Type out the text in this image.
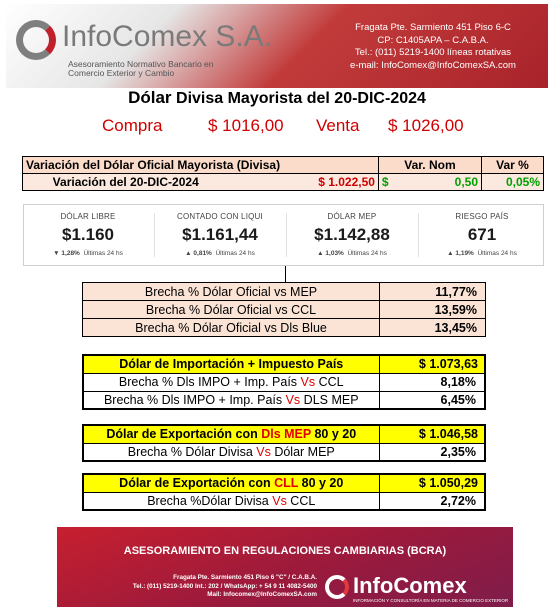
InfoComex S.A.
Asesoramiento Normativo Bancario en Comercio Exterior y Cambio
Fragata Pte. Sarmiento 451 Piso 6-C
CP: C1405APA – C.A.B.A.
Tel.: (011) 5219-1400 líneas rotativas
e-mail: InfoComex@InfoComexSA.com
Dólar Divisa Mayorista del 20-DIC-2024
Compra	$ 1016,00 Venta $ 1026,00
Variación del Dólar Oficial Mayorista (Divisa)		Var. Nom		Var %
Variación del 20-DIC-2024	$ 1.022,50	$	0,50	0,05%
DÓLAR LIBRE
$1.160
▼ 1,28% Últimas 24 hs
CONTADO CON LIQUI
$1.161,44
▲ 0,81% Últimas 24 hs
DÓLAR MEP
$1.142,88
▲ 1,03% Últimas 24 hs
RIESGO PAÍS
671
▲ 1,19% Últimas 24 hs
Brecha % Dólar Oficial vs MEP	11,77%
Brecha % Dólar Oficial vs CCL	13,59%
Brecha % Dólar Oficial vs Dls Blue	13,45%
Dólar de Importación + Impuesto País	$ 1.073,63
Brecha % Dls IMPO + Imp. País Vs CCL	8,18%
Brecha % Dls IMPO + Imp. País Vs DLS MEP	6,45%
Dólar de Exportación con Dls MEP 80 y 20	$ 1.046,58
Brecha % Dólar Divisa Vs Dólar MEP	2,35%
Dólar de Exportación con CLL 80 y 20	$ 1.050,29
Brecha %Dólar Divisa Vs CCL	2,72%
ASESORAMIENTO EN REGULACIONES CAMBIARIAS (BCRA)
Fragata Pte. Sarmiento 451 Piso 6 "C" / C.A.B.A.
Tel.: (011) 5219-1400 Int.: 202 / WhatsApp: + 54 9 11 4082-5400
Mail: Infocomex@InfoComexSA.com InfoComex
INFORMACIÓN Y CONSULTORÍA EN MATERIA DE COMERCIO EXTERIOR
